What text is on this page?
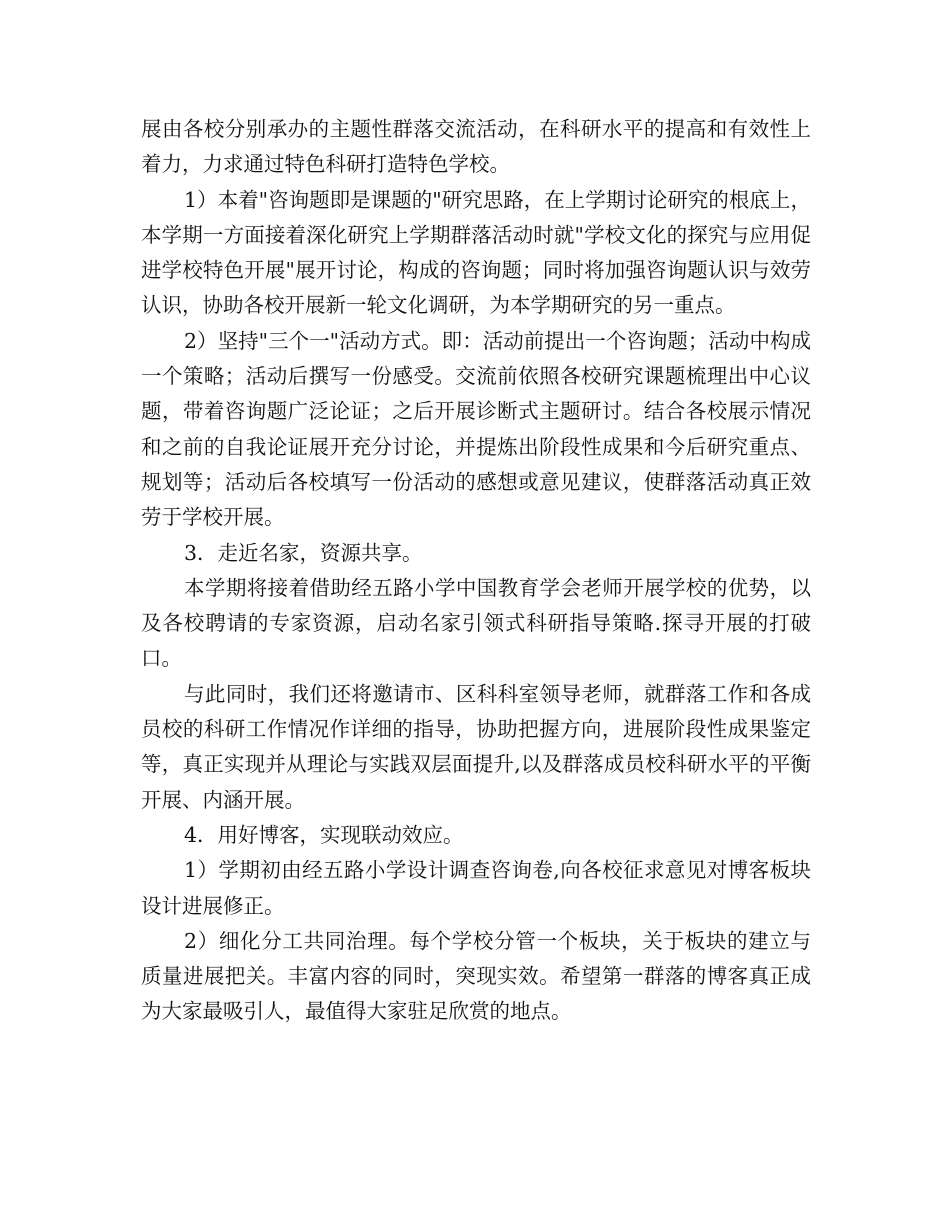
展由各校分别承办的主题性群落交流活动，在科研水平的提高和有效性上着力，力求通过特色科研打造特色学校。

1）本着"咨询题即是课题的"研究思路，在上学期讨论研究的根底上，本学期一方面接着深化研究上学期群落活动时就"学校文化的探究与应用促进学校特色开展"展开讨论，构成的咨询题；同时将加强咨询题认识与效劳认识，协助各校开展新一轮文化调研，为本学期研究的另一重点。

2）坚持"三个一"活动方式。即：活动前提出一个咨询题；活动中构成一个策略；活动后撰写一份感受。交流前依照各校研究课题梳理出中心议题，带着咨询题广泛论证；之后开展诊断式主题研讨。结合各校展示情况和之前的自我论证展开充分讨论，并提炼出阶段性成果和今后研究重点、规划等；活动后各校填写一份活动的感想或意见建议，使群落活动真正效劳于学校开展。

3．走近名家，资源共享。

本学期将接着借助经五路小学中国教育学会老师开展学校的优势，以及各校聘请的专家资源，启动名家引领式科研指导策略.探寻开展的打破口。

与此同时，我们还将邀请市、区科科室领导老师，就群落工作和各成员校的科研工作情况作详细的指导，协助把握方向，进展阶段性成果鉴定等，真正实现并从理论与实践双层面提升,以及群落成员校科研水平的平衡开展、内涵开展。

4．用好博客，实现联动效应。

1）学期初由经五路小学设计调查咨询卷,向各校征求意见对博客板块设计进展修正。

2）细化分工共同治理。每个学校分管一个板块，关于板块的建立与质量进展把关。丰富内容的同时，突现实效。希望第一群落的博客真正成为大家最吸引人，最值得大家驻足欣赏的地点。
